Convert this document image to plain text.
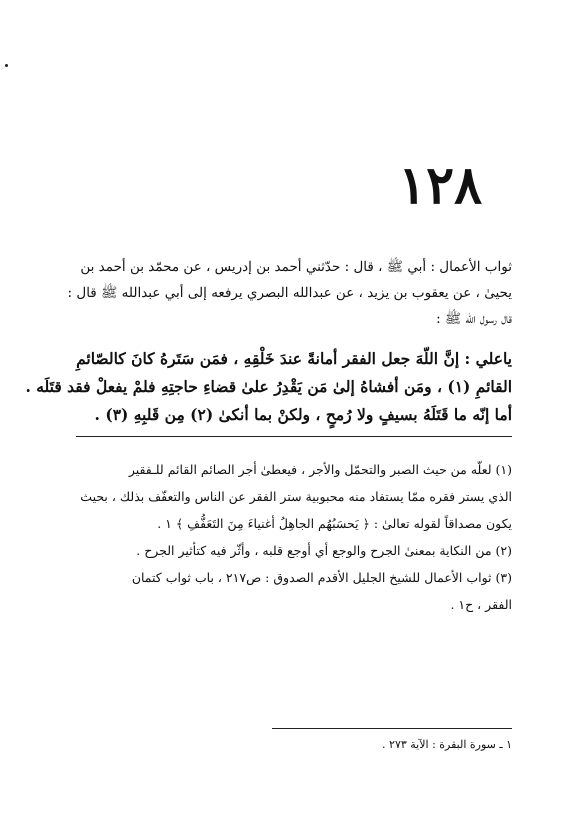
١٢٨
ثواب الأعمال : أبي ﷺ ، قال : حدّثني أحمد بن إدريس ، عن محمّد بن أحمد بن
يحيىٰ ، عن يعقوب بن يزيد ، عن عبدالله البصري يرفعه إلى أبي عبدالله ﷺ قال :
قال رسول الله ﷺ :
ياعلي : إنَّ اللّهَ جعل الفقر أمانةً عندَ خَلْقِهِ ، فمَن سَتَرهُ كانَ كالصّائمِ
القائمِ (١) ، ومَن أفشاهُ إلىٰ مَن يَقْدِرُ علىٰ قضاءِ حاجتِهِ فلمْ يفعلْ فقد قتَلَه .
أما إنّه ما قَتَلَهُ بسيفٍ ولا رُمحٍ ، ولكنْ بما أنكىٰ (٢) مِن قَلبِهِ (٣) .
(١) لعلّه من حيث الصبر والتحمّل والأجر ، فيعطىٰ أجر الصائم القائم للـفقير
الذي يستر فقره ممّا يستفاد منه محبوبية ستر الفقر عن الناس والتعفّف بذلك ، بحيث
يكون مصداقاً لقوله تعالىٰ : ﴿ يَحسَبُهُم الجاهِلُ أغنياءَ مِنَ التَعَفُّفِ ﴾ ١ .
(٢) من النكاية بمعنىٰ الجرح والوجع أي أوجع قلبه ، وأثّر فيه كتأثير الجرح .
(٣) ثواب الأعمال للشيخ الجليل الأقدم الصدوق : ص٢١٧ ، باب ثواب كتمان
الفقر ، ح١ .
١ ـ سورة البقرة : الآية ٢٧٣ .
